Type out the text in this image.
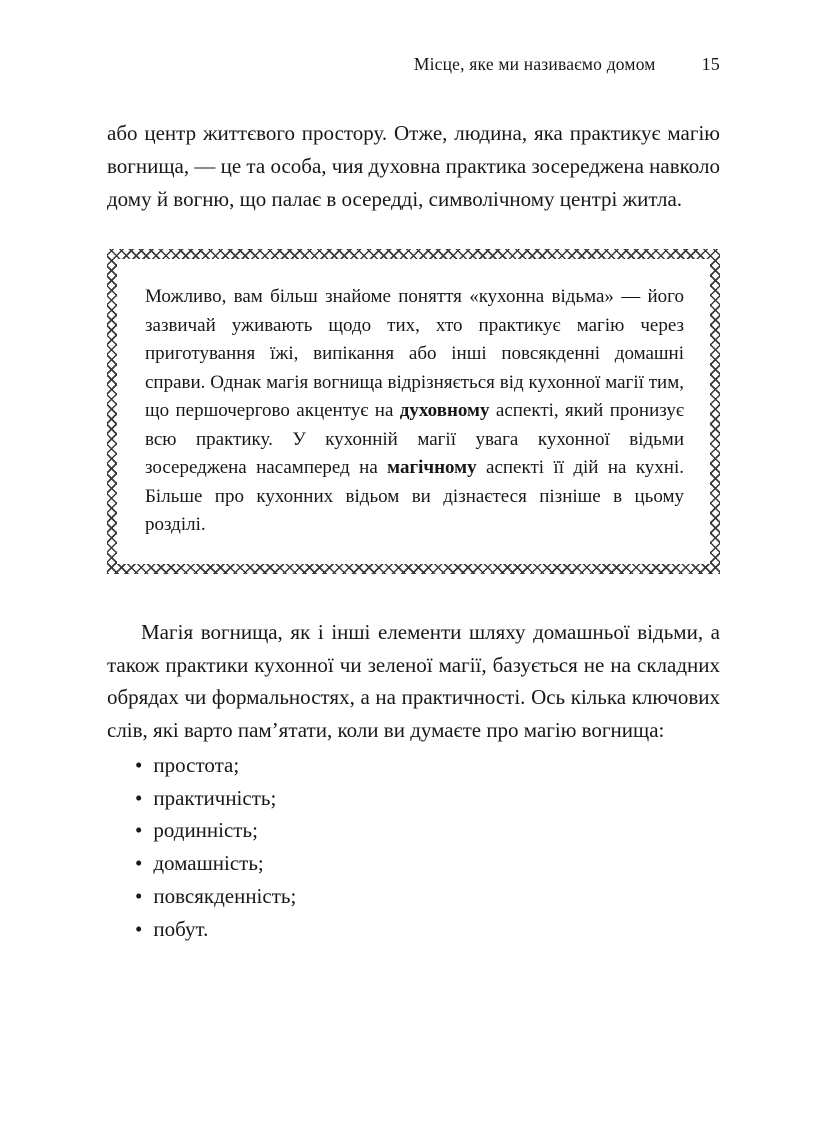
Місце, яке ми називаємо домом	15

або центр життєвого простору. Отже, людина, яка практикує магію вогнища, — це та особа, чия духовна практика зосереджена навколо дому й вогню, що палає в осередді, символічному центрі житла.

Можливо, вам більш знайоме поняття «кухонна відьма» — його зазвичай уживають щодо тих, хто практикує магію через приготування їжі, випікання або інші повсякденні домашні справи. Однак магія вогнища відрізняється від кухонної магії тим, що першочергово акцентує на духовному аспекті, який пронизує всю практику. У кухонній магії увага кухонної відьми зосереджена насамперед на магічному аспекті її дій на кухні. Більше про кухонних відьом ви дізнаєтеся пізніше в цьому розділі.

Магія вогнища, як і інші елементи шляху домашньої відьми, а також практики кухонної чи зеленої магії, базується не на складних обрядах чи формальностях, а на практичності. Ось кілька ключових слів, які варто пам’ятати, коли ви думаєте про магію вогнища:

• простота;
• практичність;
• родинність;
• домашність;
• повсякденність;
• побут.
